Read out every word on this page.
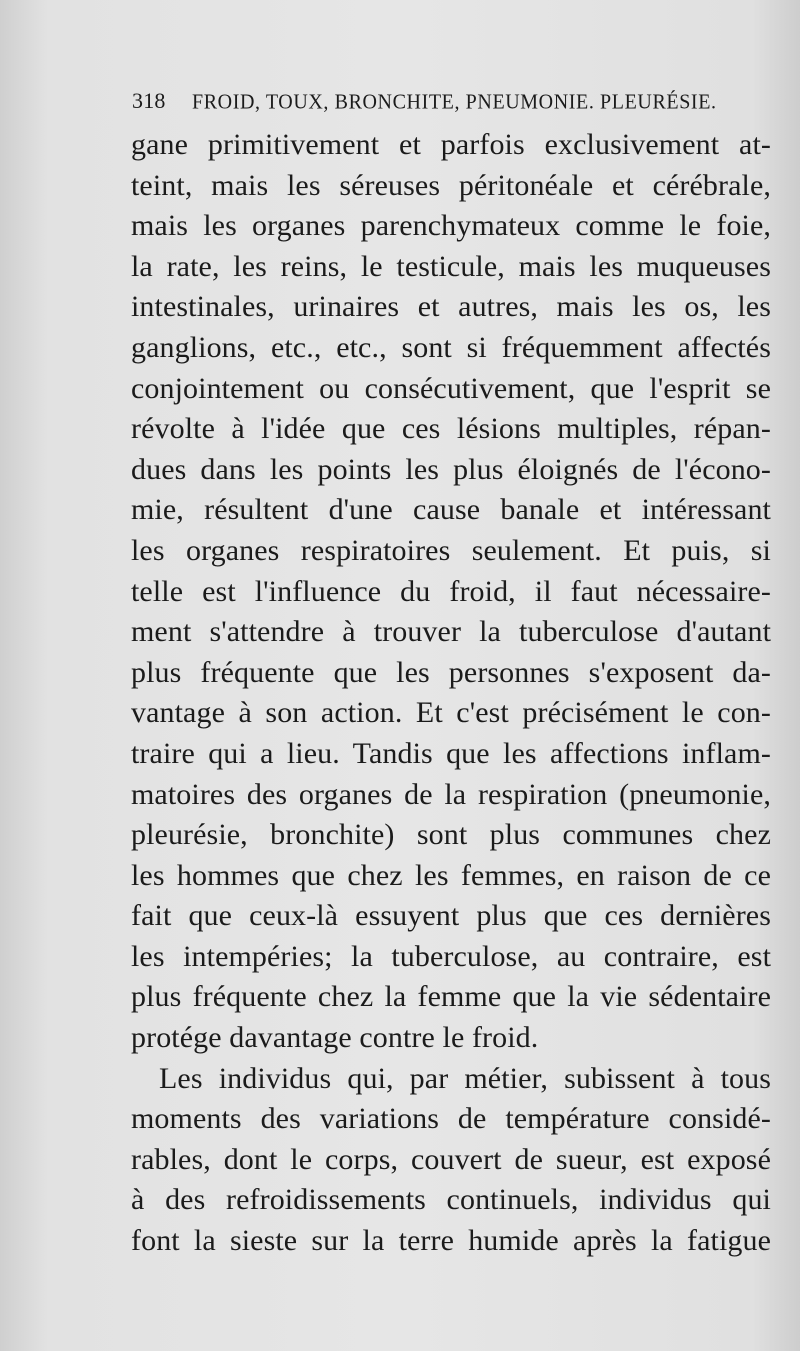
318	FROID, TOUX, BRONCHITE, PNEUMONIE. PLEURÉSIE.
gane primitivement et parfois exclusivement at-
teint, mais les séreuses péritonéale et cérébrale,
mais les organes parenchymateux comme le foie,
la rate, les reins, le testicule, mais les muqueuses
intestinales, urinaires et autres, mais les os, les
ganglions, etc., etc., sont si fréquemment affectés
conjointement ou consécutivement, que l'esprit se
révolte à l'idée que ces lésions multiples, répan-
dues dans les points les plus éloignés de l'écono-
mie, résultent d'une cause banale et intéressant
les organes respiratoires seulement. Et puis, si
telle est l'influence du froid, il faut nécessaire-
ment s'attendre à trouver la tuberculose d'autant
plus fréquente que les personnes s'exposent da-
vantage à son action. Et c'est précisément le con-
traire qui a lieu. Tandis que les affections inflam-
matoires des organes de la respiration (pneumonie,
pleurésie, bronchite) sont plus communes chez
les hommes que chez les femmes, en raison de ce
fait que ceux-là essuyent plus que ces dernières
les intempéries; la tuberculose, au contraire, est
plus fréquente chez la femme que la vie sédentaire
protége davantage contre le froid.
Les individus qui, par métier, subissent à tous
moments des variations de température considé-
rables, dont le corps, couvert de sueur, est exposé
à des refroidissements continuels, individus qui
font la sieste sur la terre humide après la fatigue
